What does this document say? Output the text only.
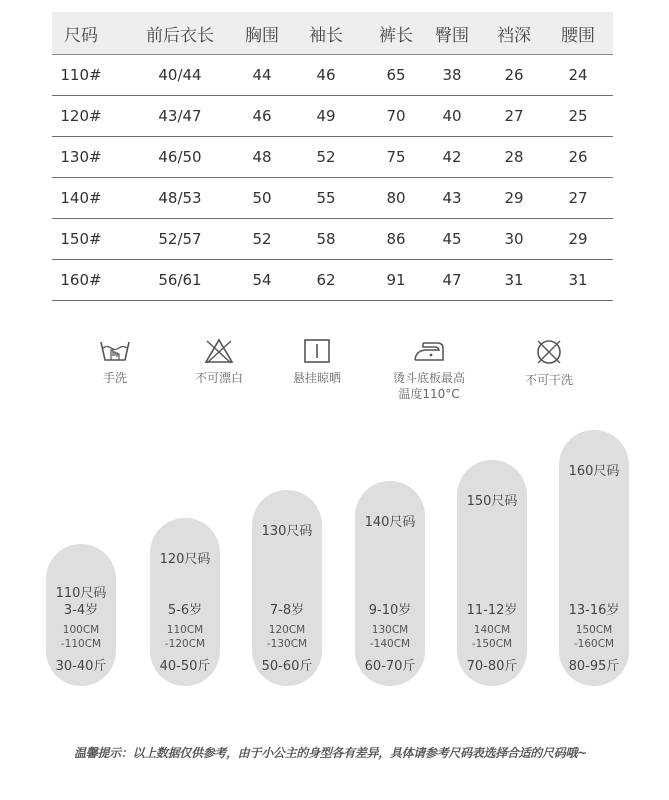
尺码	前后衣长	胸围	袖长	裤长	臀围	裆深	腰围
110#	40/44	44	46	65	38	26	24
120#	43/47	46	49	70	40	27	25
130#	46/50	48	52	75	42	28	26
140#	48/53	50	55	80	43	29	27
150#	52/57	52	58	86	45	30	29
160#	56/61	54	62	91	47	31	31
手洗	不可漂白	悬挂晾晒	烫斗底板最高
温度110°C
不可干洗
110尺码
3-4岁
100CM
-110CM
30-40斤
120尺码
5-6岁
110CM
-120CM
40-50斤
130尺码
7-8岁
120CM
-130CM
50-60斤
140尺码
9-10岁
130CM
-140CM
60-70斤
150尺码
11-12岁
140CM
-150CM
70-80斤
160尺码
13-16岁
150CM
-160CM
80-95斤
温馨提示：以上数据仅供参考，由于小公主的身型各有差异，具体请参考尺码表选择合适的尺码哦~
